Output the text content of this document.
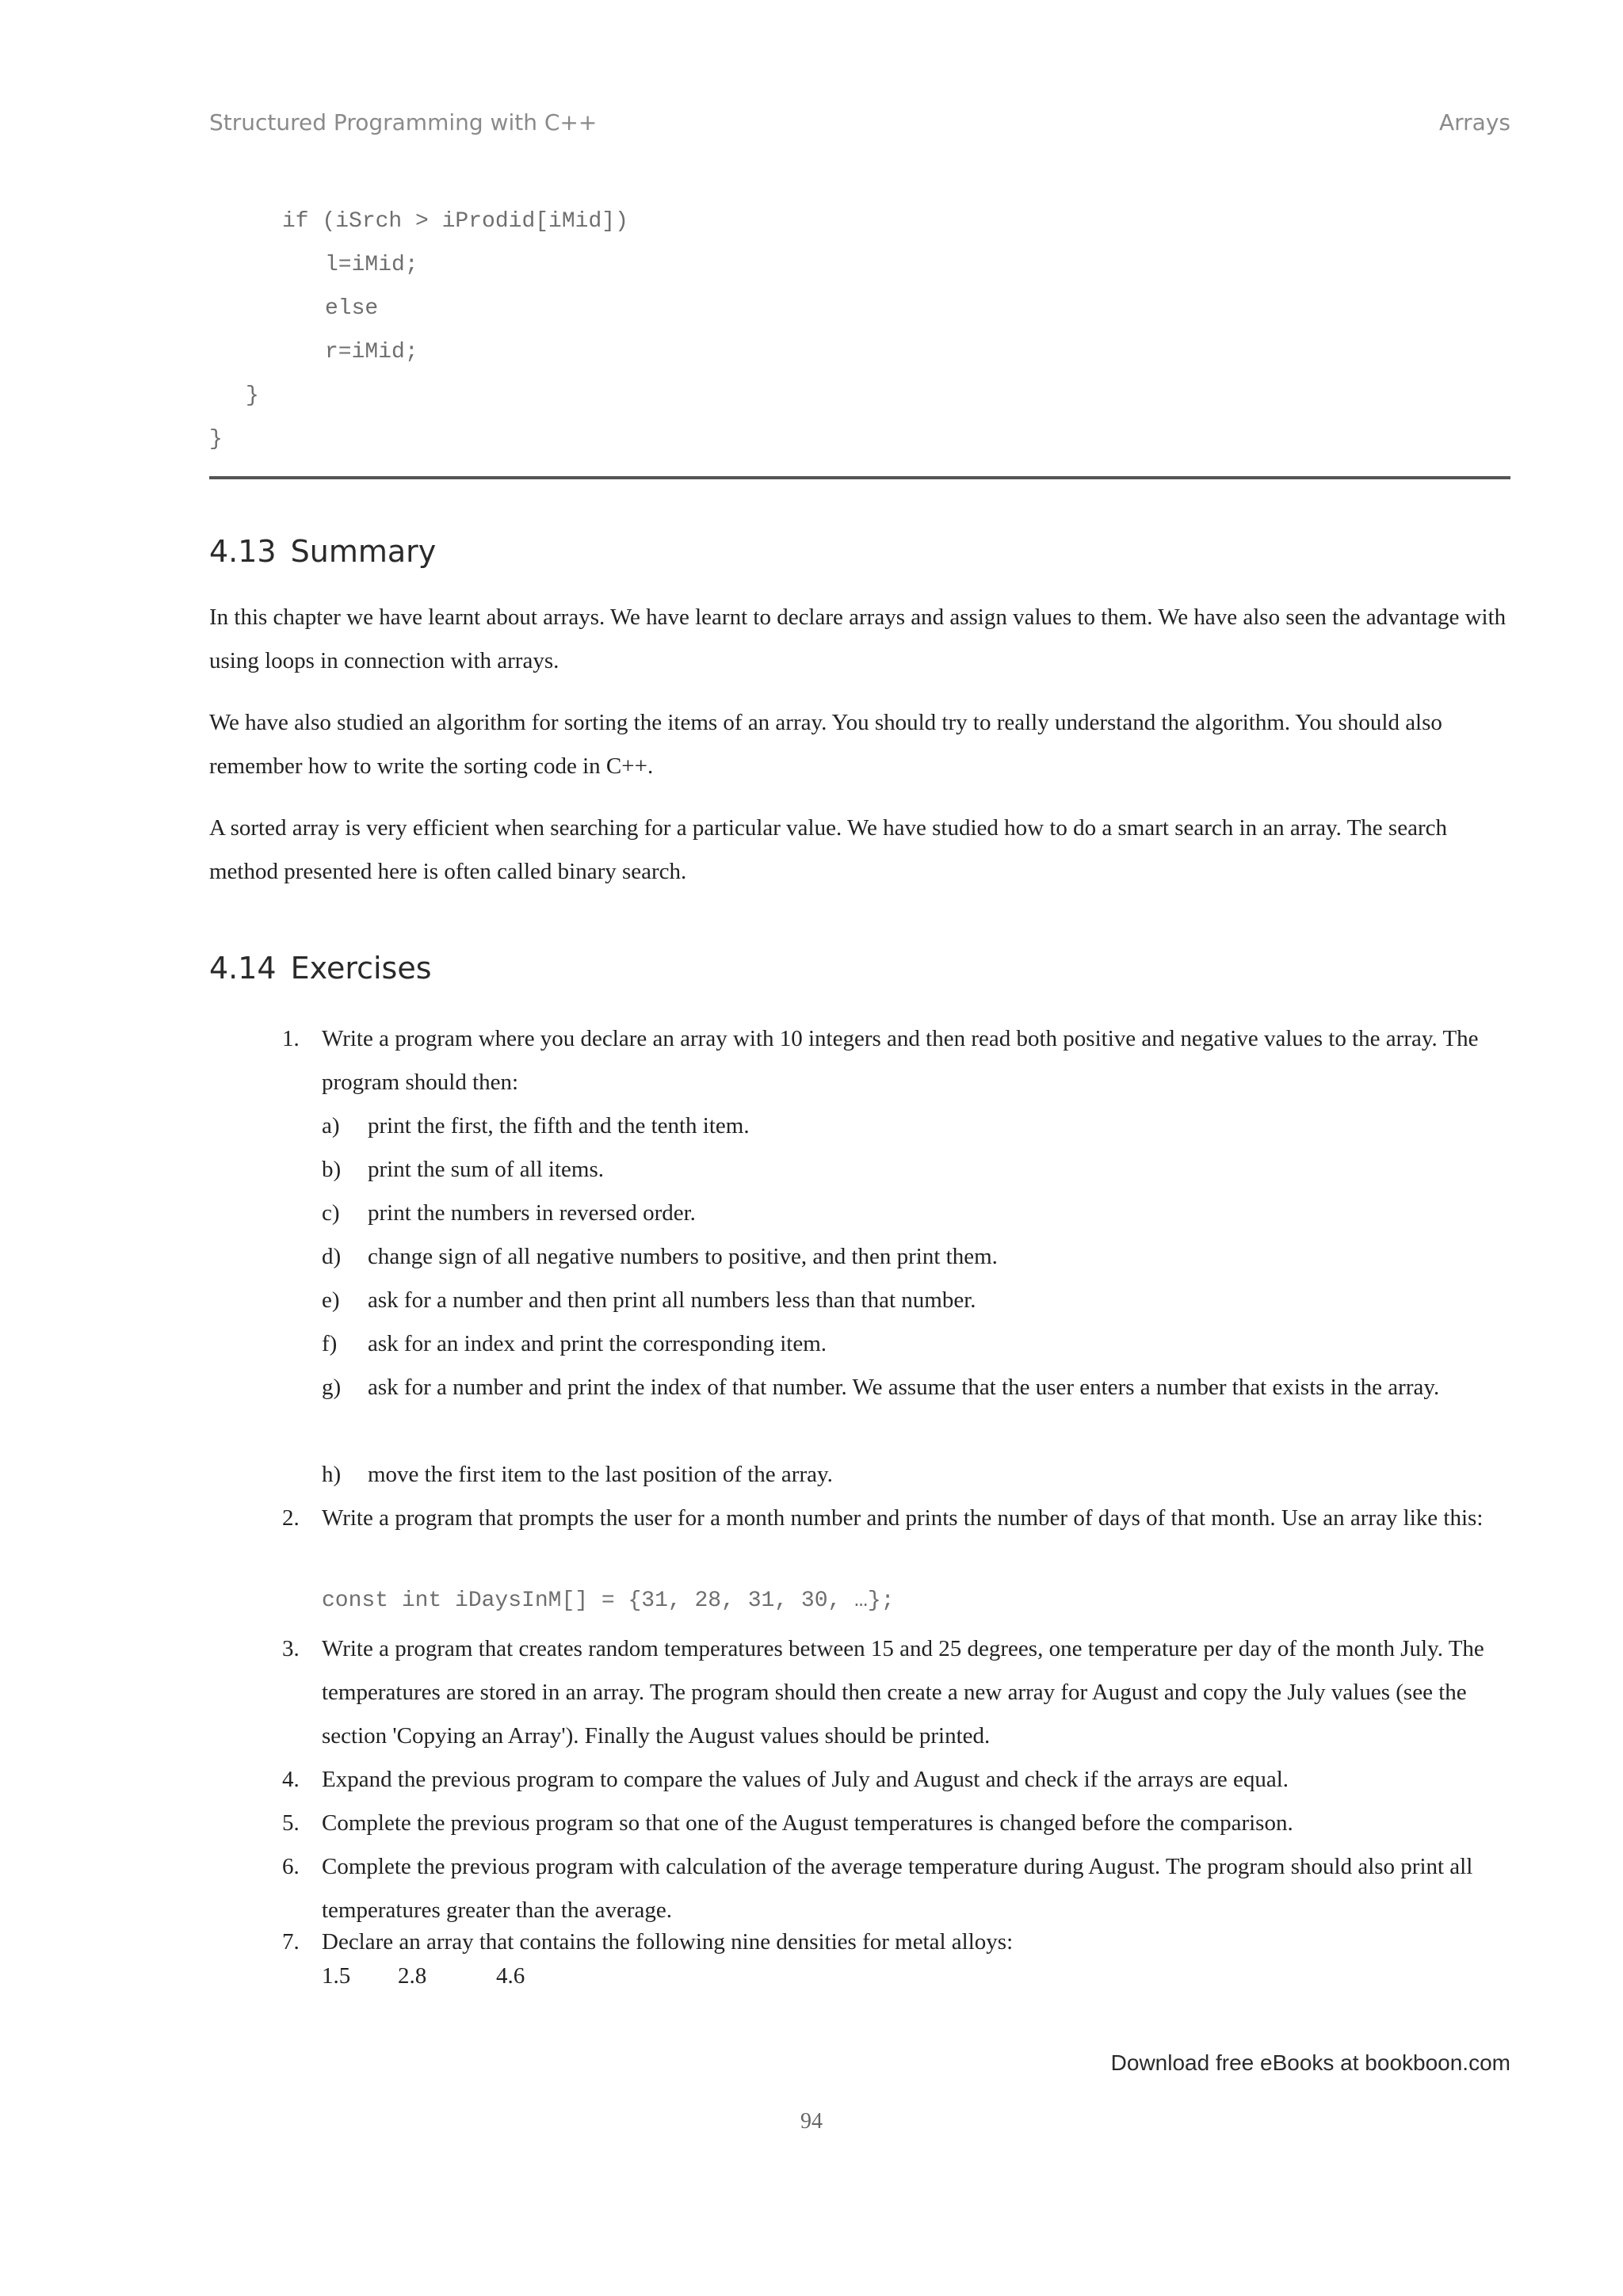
Structured Programming with C++	Arrays
if (iSrch > iProdid[iMid])
l=iMid;
else
r=iMid;
}
}
4.13 Summary
In this chapter we have learnt about arrays. We have learnt to declare arrays and assign values to them. We have also seen the advantage with using loops in connection with arrays.
We have also studied an algorithm for sorting the items of an array. You should try to really understand the algorithm. You should also remember how to write the sorting code in C++.
A sorted array is very efficient when searching for a particular value. We have studied how to do a smart search in an array. The search method presented here is often called binary search.
4.14 Exercises
1. Write a program where you declare an array with 10 integers and then read both positive and negative values to the array. The program should then:
a) print the first, the fifth and the tenth item.
b) print the sum of all items.
c) print the numbers in reversed order.
d) change sign of all negative numbers to positive, and then print them.
e) ask for a number and then print all numbers less than that number.
f) ask for an index and print the corresponding item.
g) ask for a number and print the index of that number. We assume that the user enters a number that exists in the array.
h) move the first item to the last position of the array.
2. Write a program that prompts the user for a month number and prints the number of days of that month. Use an array like this:
const int iDaysInM[] = {31, 28, 31, 30, …};
3. Write a program that creates random temperatures between 15 and 25 degrees, one temperature per day of the month July. The temperatures are stored in an array. The program should then create a new array for August and copy the July values (see the section 'Copying an Array'). Finally the August values should be printed.
4. Expand the previous program to compare the values of July and August and check if the arrays are equal.
5. Complete the previous program so that one of the August temperatures is changed before the comparison.
6. Complete the previous program with calculation of the average temperature during August. The program should also print all temperatures greater than the average.
7. Declare an array that contains the following nine densities for metal alloys:
1.5 2.8	4.6
Download free eBooks at bookboon.com
94
